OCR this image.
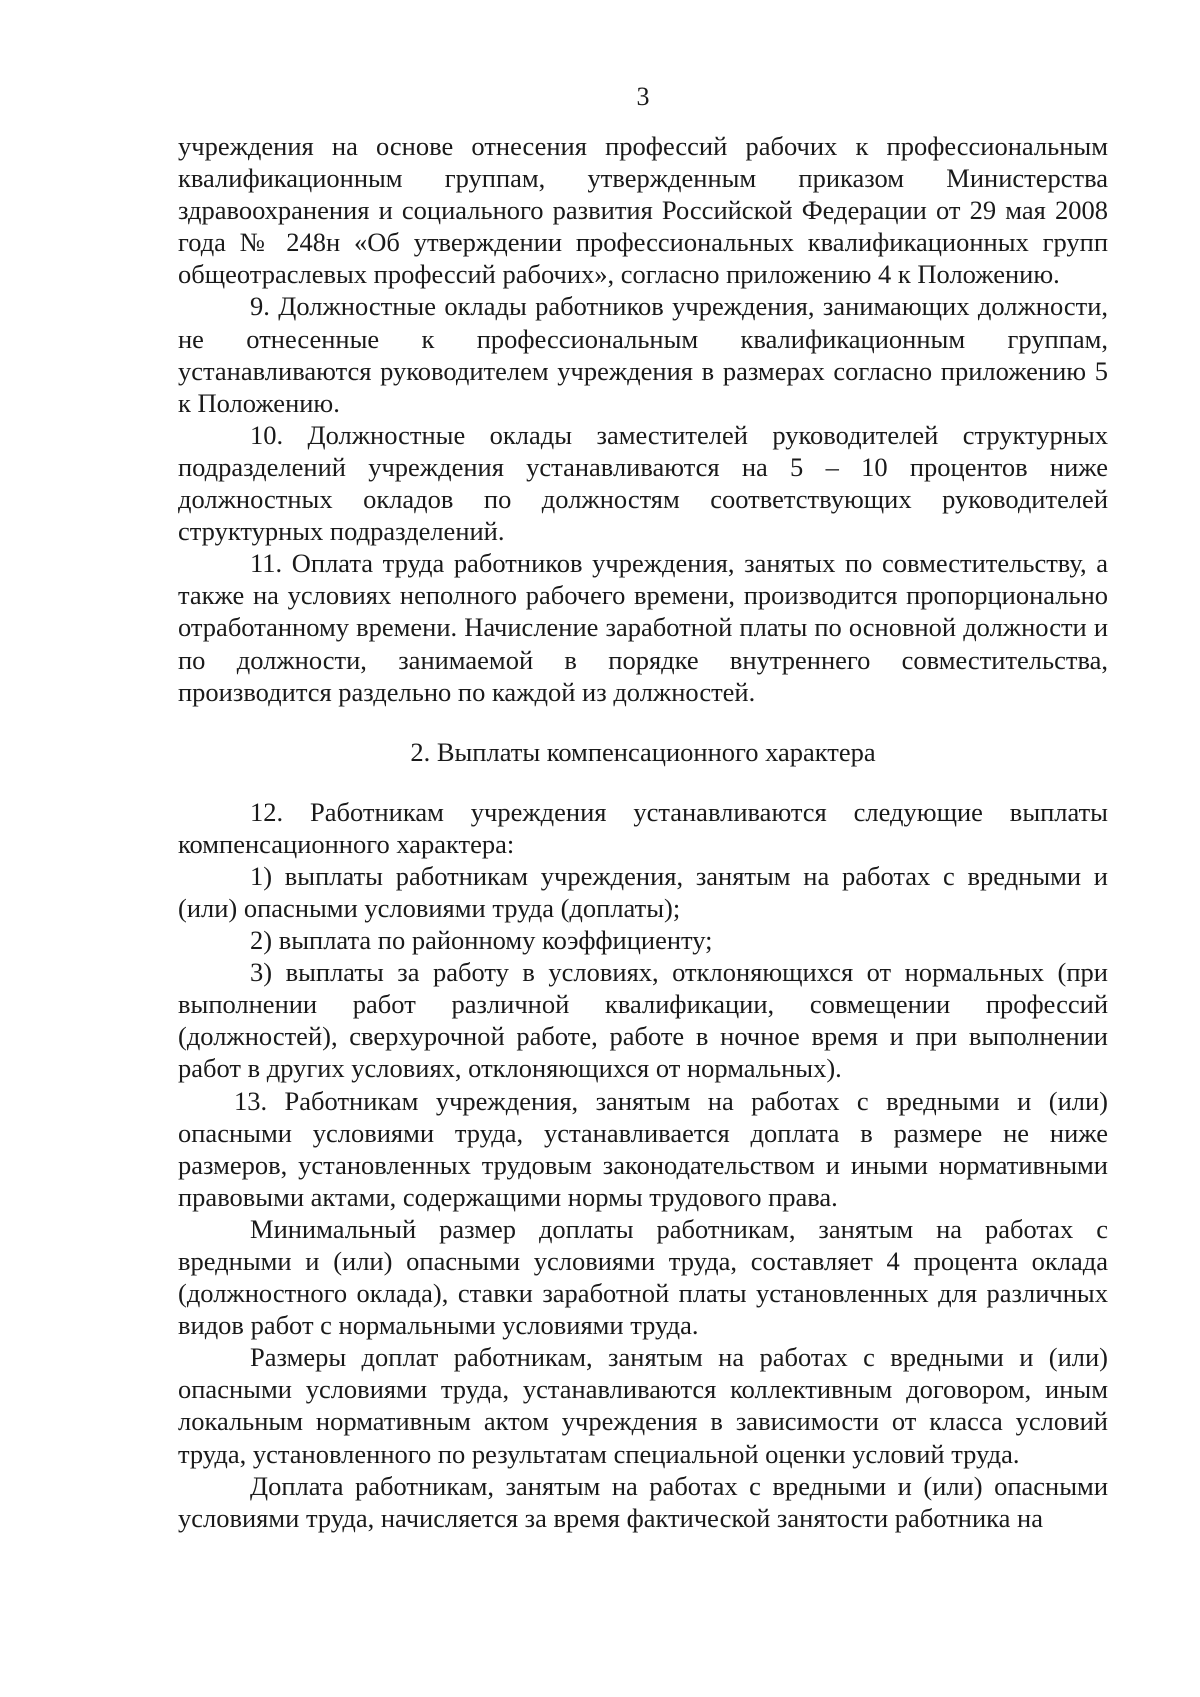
3

учреждения на основе отнесения профессий рабочих к профессиональным квалификационным группам, утвержденным приказом Министерства здравоохранения и социального развития Российской Федерации от 29 мая 2008 года № 248н «Об утверждении профессиональных квалификационных групп общеотраслевых профессий рабочих», согласно приложению 4 к Положению.

9. Должностные оклады работников учреждения, занимающих должности, не отнесенные к профессиональным квалификационным группам, устанавливаются руководителем учреждения в размерах согласно приложению 5 к Положению.

10. Должностные оклады заместителей руководителей структурных подразделений учреждения устанавливаются на 5 – 10 процентов ниже должностных окладов по должностям соответствующих руководителей структурных подразделений.

11. Оплата труда работников учреждения, занятых по совместительству, а также на условиях неполного рабочего времени, производится пропорционально отработанному времени. Начисление заработной платы по основной должности и по должности, занимаемой в порядке внутреннего совместительства, производится раздельно по каждой из должностей.

2. Выплаты компенсационного характера

12. Работникам учреждения устанавливаются следующие выплаты компенсационного характера:

1) выплаты работникам учреждения, занятым на работах с вредными и (или) опасными условиями труда (доплаты);

2) выплата по районному коэффициенту;

3) выплаты за работу в условиях, отклоняющихся от нормальных (при выполнении работ различной квалификации, совмещении профессий (должностей), сверхурочной работе, работе в ночное время и при выполнении работ в других условиях, отклоняющихся от нормальных).

13. Работникам учреждения, занятым на работах с вредными и (или) опасными условиями труда, устанавливается доплата в размере не ниже размеров, установленных трудовым законодательством и иными нормативными правовыми актами, содержащими нормы трудового права.

Минимальный размер доплаты работникам, занятым на работах с вредными и (или) опасными условиями труда, составляет 4 процента оклада (должностного оклада), ставки заработной платы установленных для различных видов работ с нормальными условиями труда.

Размеры доплат работникам, занятым на работах с вредными и (или) опасными условиями труда, устанавливаются коллективным договором, иным локальным нормативным актом учреждения в зависимости от класса условий труда, установленного по результатам специальной оценки условий труда.

Доплата работникам, занятым на работах с вредными и (или) опасными условиями труда, начисляется за время фактической занятости работника на
